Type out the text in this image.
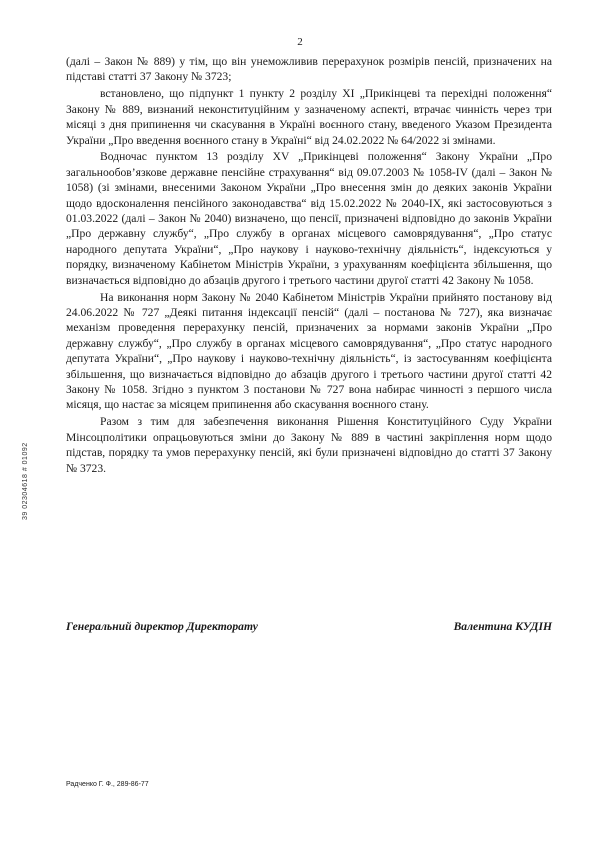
2

(далі – Закон № 889) у тім, що він унеможливив перерахунок розмірів пенсій, призначених на підставі статті 37 Закону № 3723;

встановлено, що підпункт 1 пункту 2 розділу XI „Прикінцеві та перехідні положення“ Закону № 889, визнаний неконституційним у зазначеному аспекті, втрачає чинність через три місяці з дня припинення чи скасування в Україні воєнного стану, введеного Указом Президента України „Про введення воєнного стану в Україні“ від 24.02.2022 № 64/2022 зі змінами.

Водночас пунктом 13 розділу XV „Прикінцеві положення“ Закону України „Про загальнообов’язкове державне пенсійне страхування“ від 09.07.2003 № 1058-IV (далі – Закон № 1058) (зі змінами, внесеними Законом України „Про внесення змін до деяких законів України щодо вдосконалення пенсійного законодавства“ від 15.02.2022 № 2040-IX, які застосовуються з 01.03.2022 (далі – Закон № 2040) визначено, що пенсії, призначені відповідно до законів України „Про державну службу“, „Про службу в органах місцевого самоврядування“, „Про статус народного депутата України“, „Про наукову і науково-технічну діяльність“, індексуються у порядку, визначеному Кабінетом Міністрів України, з урахуванням коефіцієнта збільшення, що визначається відповідно до абзаців другого і третього частини другої статті 42 Закону № 1058.

На виконання норм Закону № 2040 Кабінетом Міністрів України прийнято постанову від 24.06.2022 № 727 „Деякі питання індексації пенсій“ (далі – постанова № 727), яка визначає механізм проведення перерахунку пенсій, призначених за нормами законів України „Про державну службу“, „Про службу в органах місцевого самоврядування“, „Про статус народного депутата України“, „Про наукову і науково-технічну діяльність“, із застосуванням коефіцієнта збільшення, що визначається відповідно до абзаців другого і третього частини другої статті 42 Закону № 1058. Згідно з пунктом 3 постанови № 727 вона набирає чинності з першого числа місяця, що настає за місяцем припинення або скасування воєнного стану.

Разом з тим для забезпечення виконання Рішення Конституційного Суду України Мінсоцполітики опрацьовуються зміни до Закону № 889 в частині закріплення норм щодо підстав, порядку та умов перерахунку пенсій, які були призначені відповідно до статті 37 Закону № 3723.

Генеральний директор Директорату	Валентина КУДІН
Радченко Г. Ф., 289-86-77
39 02304618 # 01092
